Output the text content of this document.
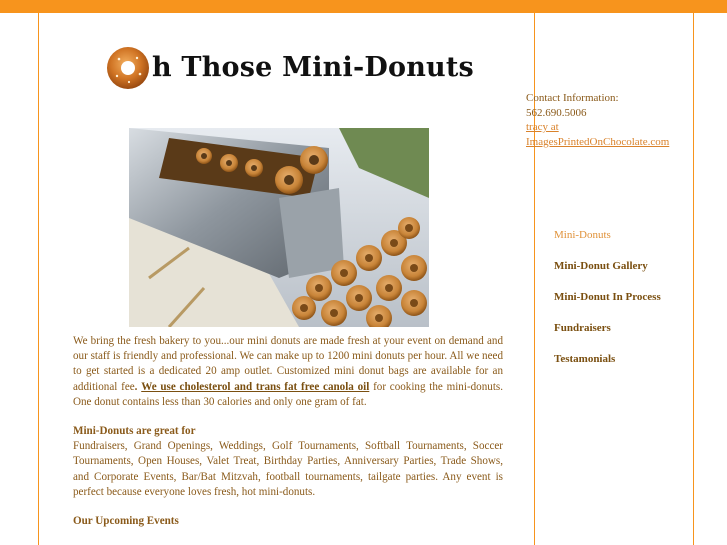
h Those Mini-Donuts
Contact Information:
562.690.5006
tracy at
ImagesPrintedOnChocolate.com
Mini-Donuts
Mini-Donut Gallery
Mini-Donut In Process
Fundraisers
Testamonials

We bring the fresh bakery to you...our mini donuts are made fresh at your event on demand and our staff is friendly and professional. We can make up to 1200 mini donuts per hour. All we need to get started is a dedicated 20 amp outlet. Customized mini donut bags are available for an additional fee. We use cholesterol and trans fat free canola oil for cooking the mini-donuts. One donut contains less than 30 calories and only one gram of fat.

Mini-Donuts are great for

Fundraisers, Grand Openings, Weddings, Golf Tournaments, Softball Tournaments, Soccer Tournaments, Open Houses, Valet Treat, Birthday Parties, Anniversary Parties, Trade Shows, and Corporate Events, Bar/Bat Mitzvah, football tournaments, tailgate parties. Any event is perfect because everyone loves fresh, hot mini-donuts.

Our Upcoming Events
